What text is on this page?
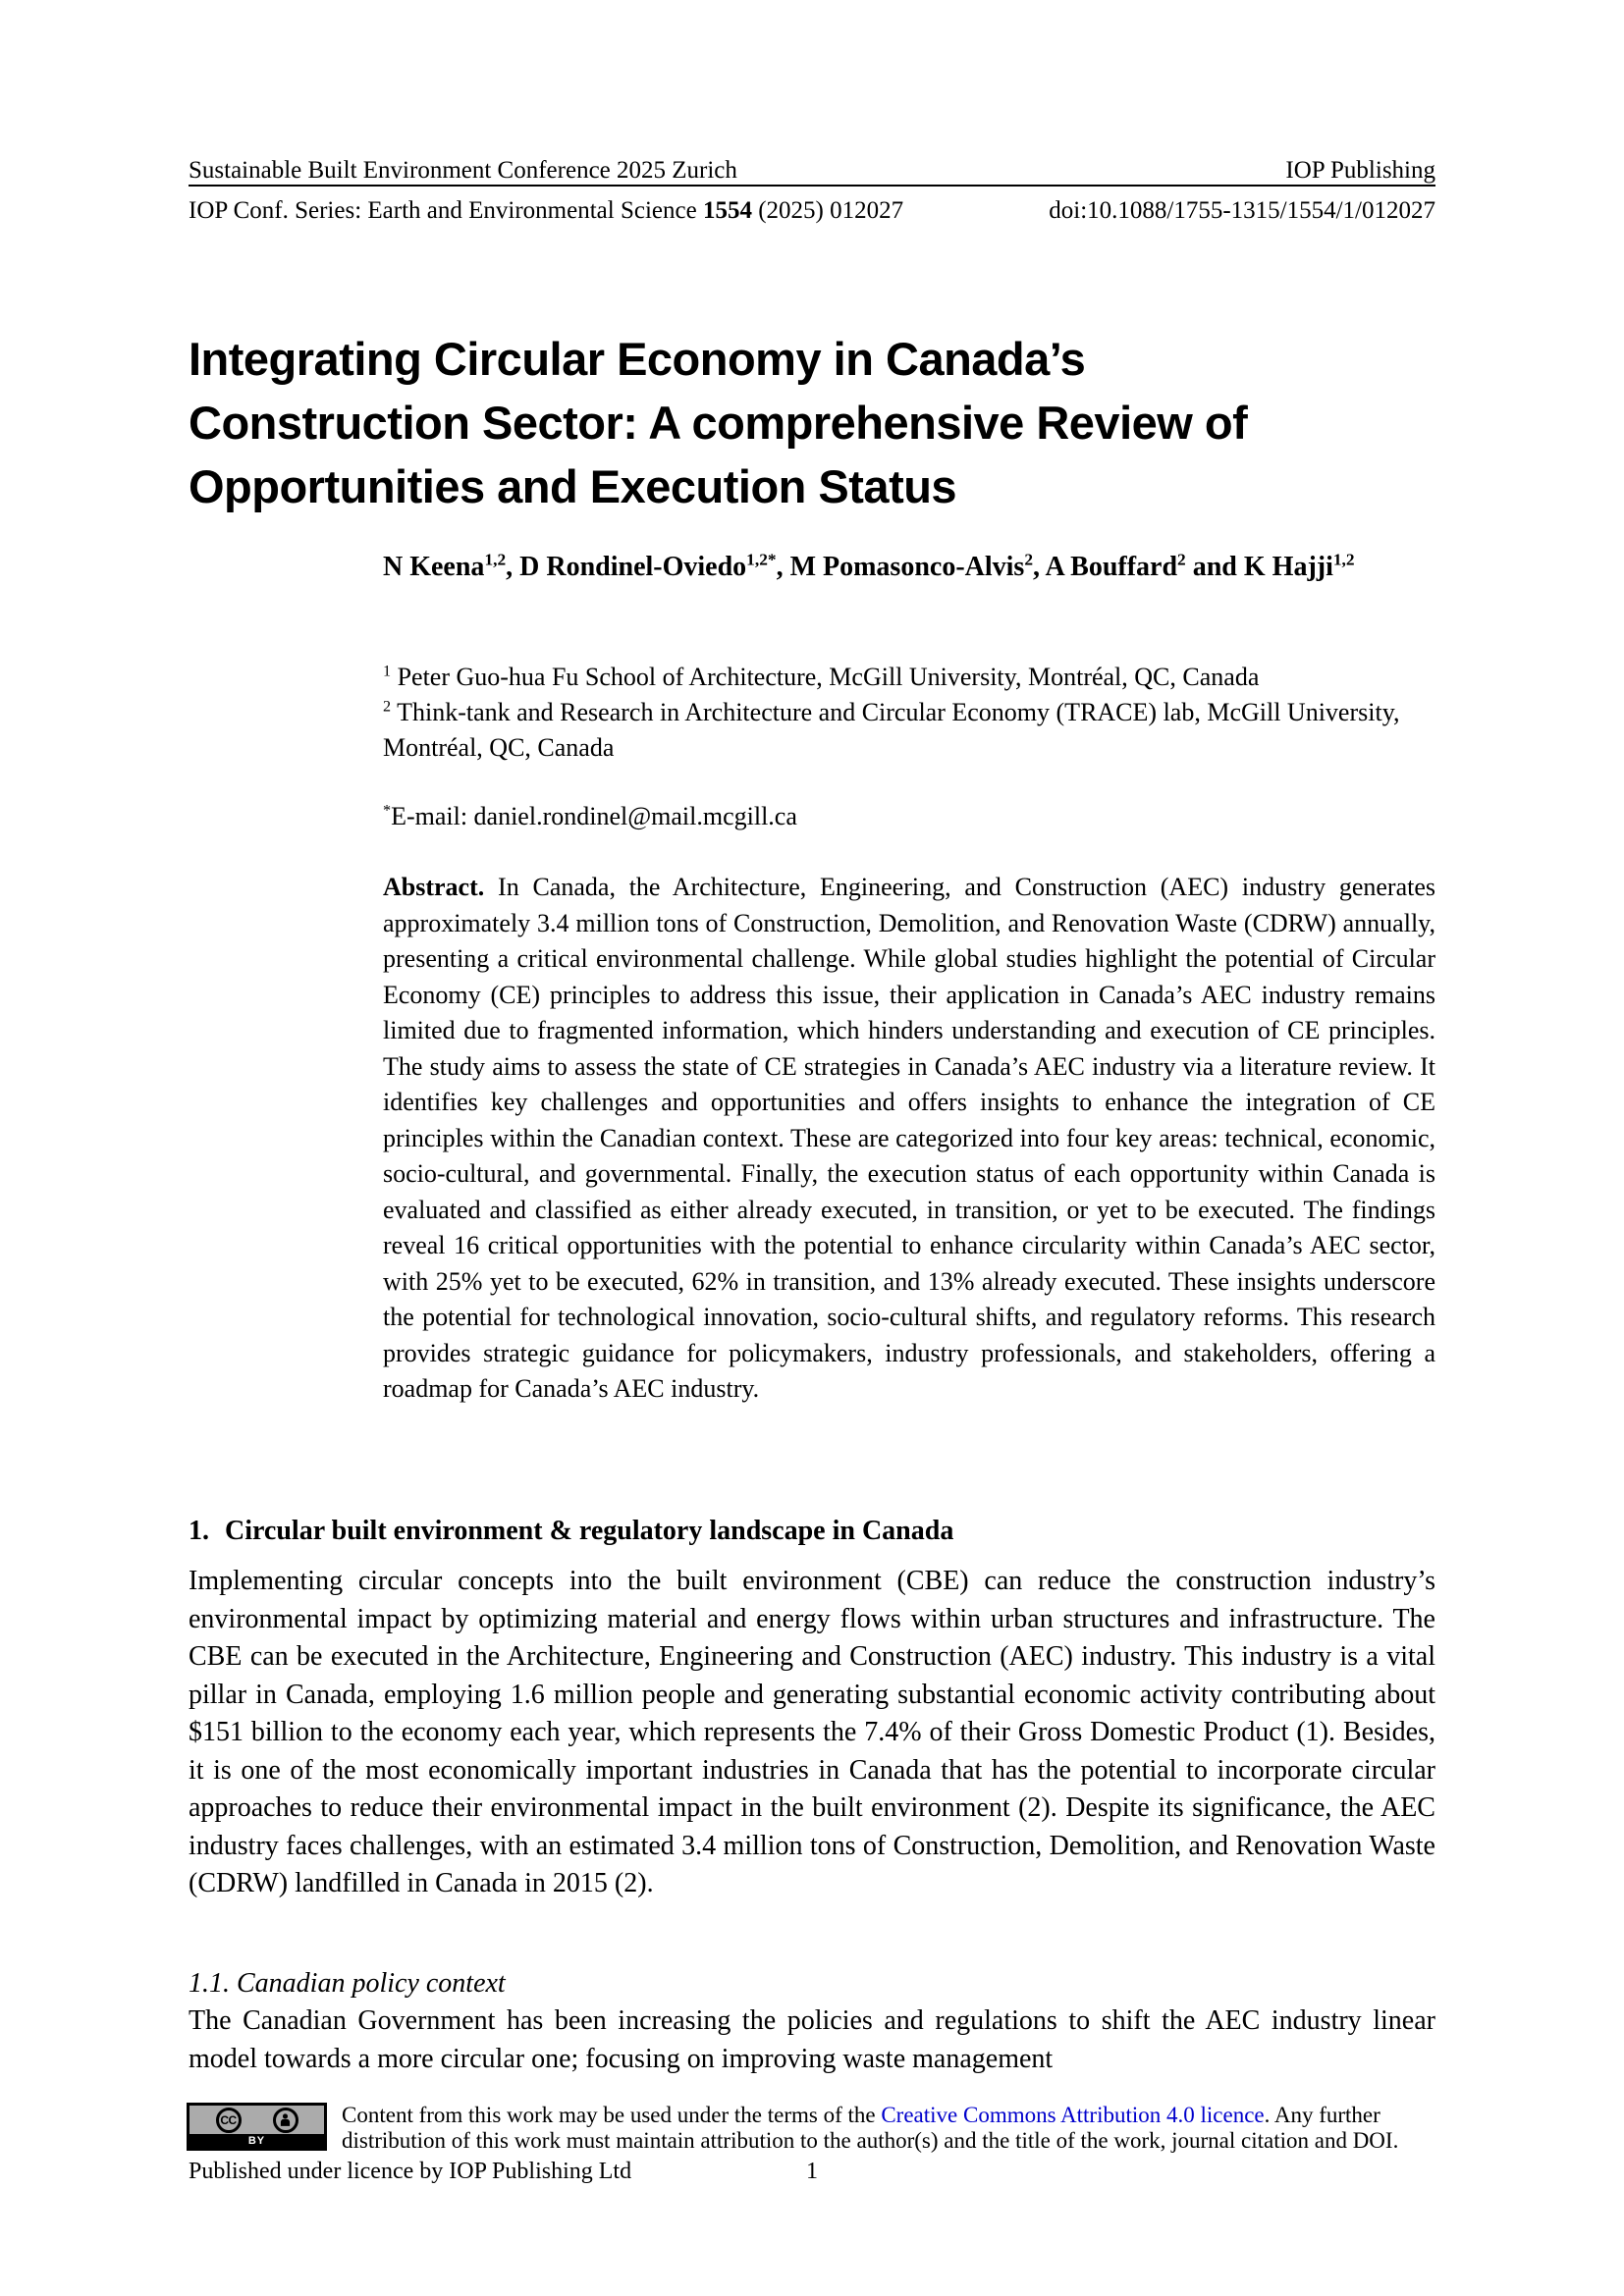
Sustainable Built Environment Conference 2025 Zurich	IOP Publishing
IOP Conf. Series: Earth and Environmental Science 1554 (2025) 012027	doi:10.1088/1755-1315/1554/1/012027
Integrating Circular Economy in Canada’s Construction Sector: A comprehensive Review of Opportunities and Execution Status

N Keena$^{1,2}$, D Rondinel-Oviedo$^{1,2*}$, M Pomasonco-Alvis$^2$, A Bouffard$^2$ and K Hajji$^{1,2}$

$^1$ Peter Guo-hua Fu School of Architecture, McGill University, Montréal, QC, Canada
$^2$ Think-tank and Research in Architecture and Circular Economy (TRACE) lab, McGill University, Montréal, QC, Canada

*E-mail: daniel.rondinel@mail.mcgill.ca

Abstract. In Canada, the Architecture, Engineering, and Construction (AEC) industry generates approximately 3.4 million tons of Construction, Demolition, and Renovation Waste (CDRW) annually, presenting a critical environmental challenge. While global studies highlight the potential of Circular Economy (CE) principles to address this issue, their application in Canada’s AEC industry remains limited due to fragmented information, which hinders understanding and execution of CE principles. The study aims to assess the state of CE strategies in Canada’s AEC industry via a literature review. It identifies key challenges and opportunities and offers insights to enhance the integration of CE principles within the Canadian context. These are categorized into four key areas: technical, economic, socio-cultural, and governmental. Finally, the execution status of each opportunity within Canada is evaluated and classified as either already executed, in transition, or yet to be executed. The findings reveal 16 critical opportunities with the potential to enhance circularity within Canada’s AEC sector, with 25% yet to be executed, 62% in transition, and 13% already executed. These insights underscore the potential for technological innovation, socio-cultural shifts, and regulatory reforms. This research provides strategic guidance for policymakers, industry professionals, and stakeholders, offering a roadmap for Canada’s AEC industry.

1. Circular built environment & regulatory landscape in Canada

Implementing circular concepts into the built environment (CBE) can reduce the construction industry’s environmental impact by optimizing material and energy flows within urban structures and infrastructure. The CBE can be executed in the Architecture, Engineering and Construction (AEC) industry. This industry is a vital pillar in Canada, employing 1.6 million people and generating substantial economic activity contributing about $151 billion to the economy each year, which represents the 7.4% of their Gross Domestic Product (1). Besides, it is one of the most economically important industries in Canada that has the potential to incorporate circular approaches to reduce their environmental impact in the built environment (2). Despite its significance, the AEC industry faces challenges, with an estimated 3.4 million tons of Construction, Demolition, and Renovation Waste (CDRW) landfilled in Canada in 2015 (2).

1.1. Canadian policy context

The Canadian Government has been increasing the policies and regulations to shift the AEC industry linear model towards a more circular one; focusing on improving waste management

CC
BY

Content from this work may be used under the terms of the Creative Commons Attribution 4.0 licence. Any further distribution of this work must maintain attribution to the author(s) and the title of the work, journal citation and DOI.

Published under licence by IOP Publishing Ltd	1
